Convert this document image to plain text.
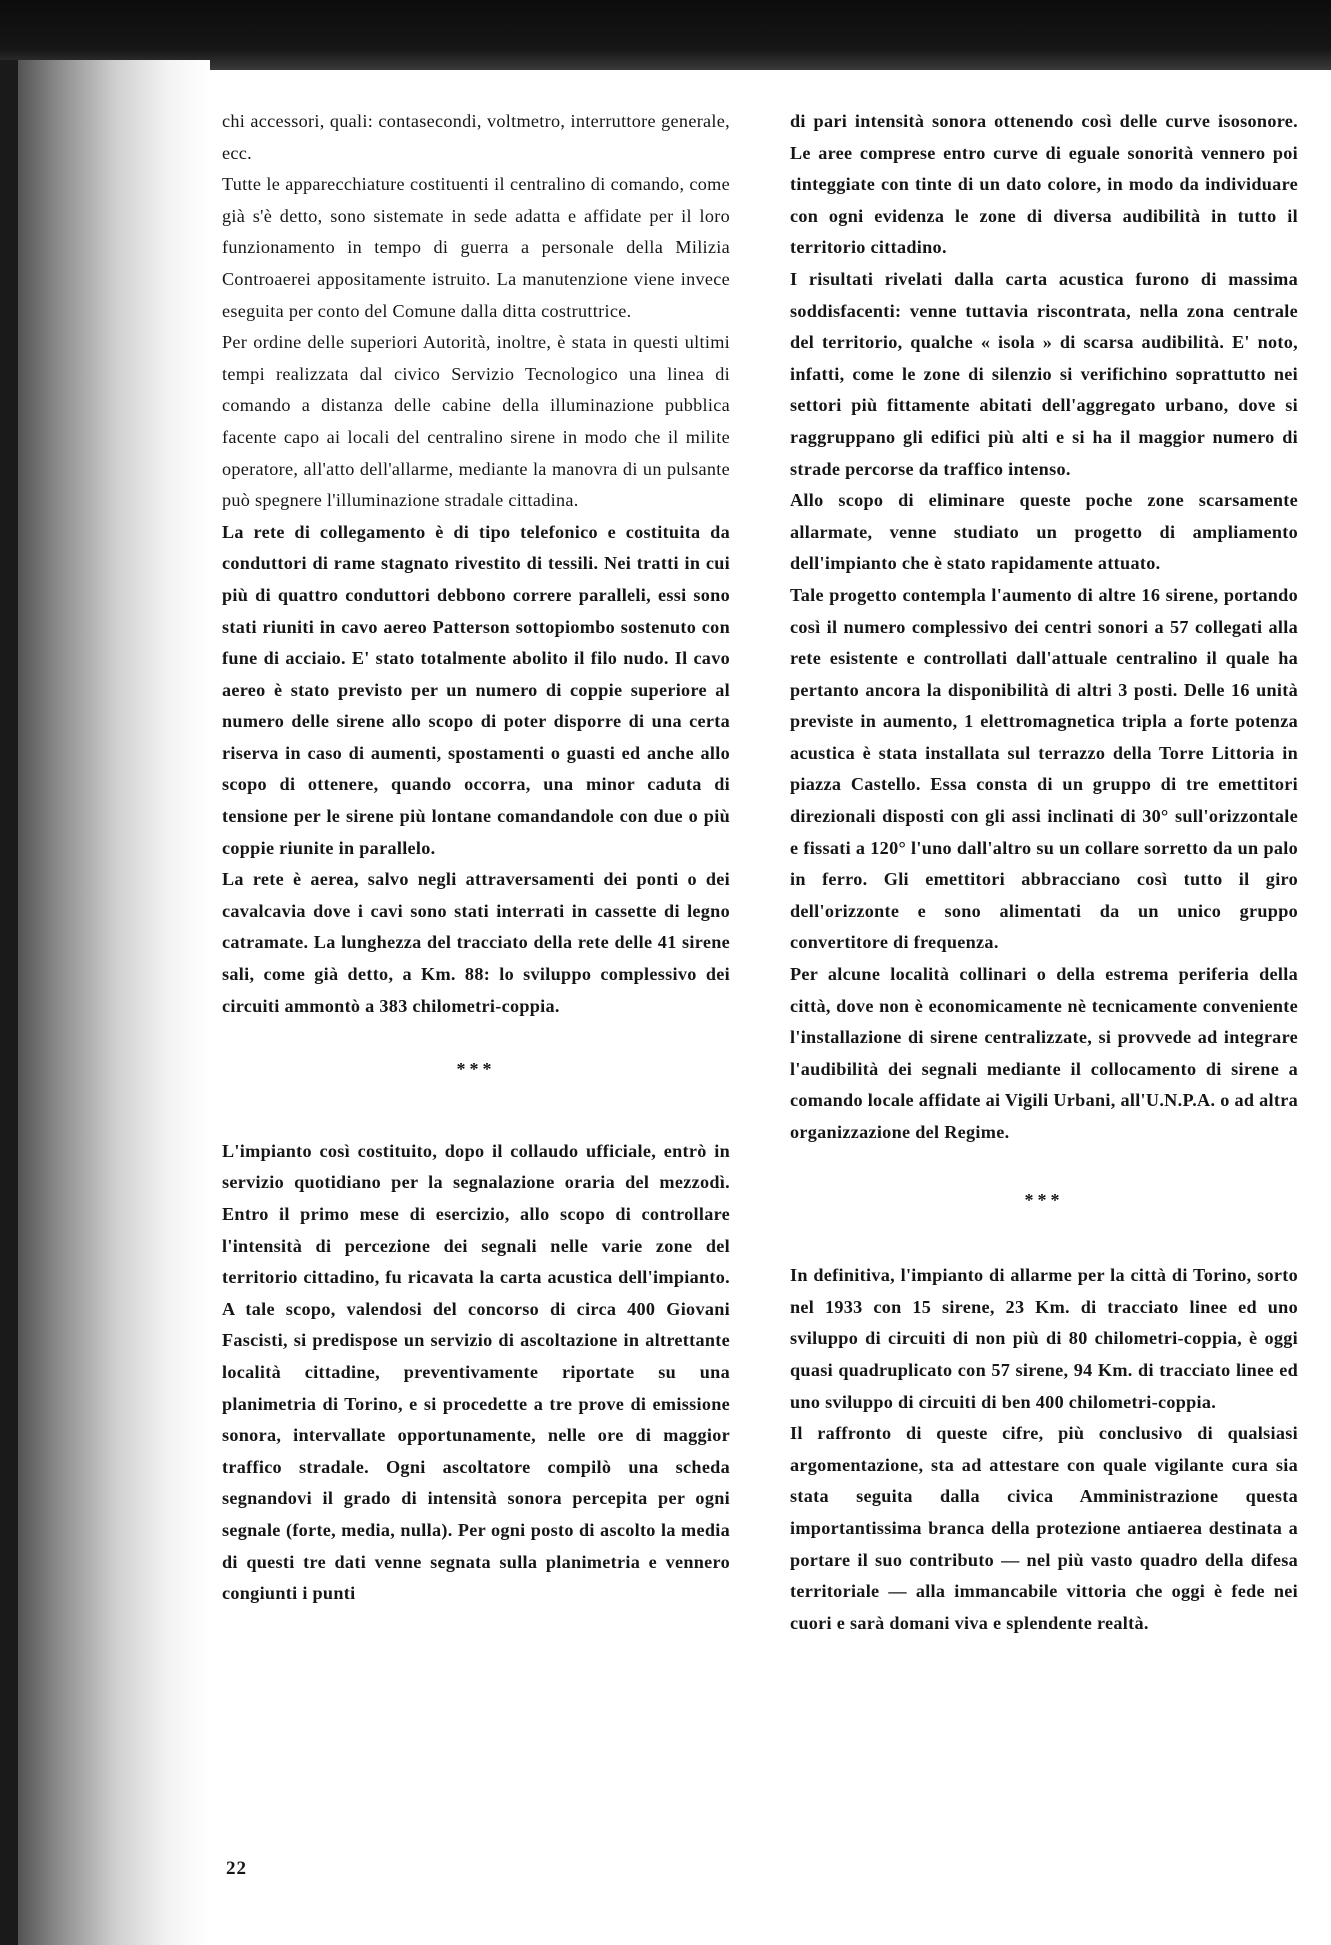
chi accessori, quali: contasecondi, voltmetro, interruttore generale, ecc.

Tutte le apparecchiature costituenti il centralino di comando, come già s'è detto, sono sistemate in sede adatta e affidate per il loro funzionamento in tempo di guerra a personale della Milizia Controaerei appositamente istruito. La manutenzione viene invece eseguita per conto del Comune dalla ditta costruttrice.

Per ordine delle superiori Autorità, inoltre, è stata in questi ultimi tempi realizzata dal civico Servizio Tecnologico una linea di comando a distanza delle cabine della illuminazione pubblica facente capo ai locali del centralino sirene in modo che il milite operatore, all'atto dell'allarme, mediante la manovra di un pulsante può spegnere l'illuminazione stradale cittadina.

La rete di collegamento è di tipo telefonico e costituita da conduttori di rame stagnato rivestito di tessili. Nei tratti in cui più di quattro conduttori debbono correre paralleli, essi sono stati riuniti in cavo aereo Patterson sottopiombo sostenuto con fune di acciaio. E' stato totalmente abolito il filo nudo. Il cavo aereo è stato previsto per un numero di coppie superiore al numero delle sirene allo scopo di poter disporre di una certa riserva in caso di aumenti, spostamenti o guasti ed anche allo scopo di ottenere, quando occorra, una minor caduta di tensione per le sirene più lontane comandandole con due o più coppie riunite in parallelo.

La rete è aerea, salvo negli attraversamenti dei ponti o dei cavalcavia dove i cavi sono stati interrati in cassette di legno catramate. La lunghezza del tracciato della rete delle 41 sirene sali, come già detto, a Km. 88: lo sviluppo complessivo dei circuiti ammontò a 383 chilometri-coppia.

***

L'impianto così costituito, dopo il collaudo ufficiale, entrò in servizio quotidiano per la segnalazione oraria del mezzodì. Entro il primo mese di esercizio, allo scopo di controllare l'intensità di percezione dei segnali nelle varie zone del territorio cittadino, fu ricavata la carta acustica dell'impianto. A tale scopo, valendosi del concorso di circa 400 Giovani Fascisti, si predispose un servizio di ascoltazione in altrettante località cittadine, preventivamente riportate su una planimetria di Torino, e si procedette a tre prove di emissione sonora, intervallate opportunamente, nelle ore di maggior traffico stradale. Ogni ascoltatore compilò una scheda segnandovi il grado di intensità sonora percepita per ogni segnale (forte, media, nulla). Per ogni posto di ascolto la media di questi tre dati venne segnata sulla planimetria e vennero congiunti i punti

di pari intensità sonora ottenendo così delle curve isosonore. Le aree comprese entro curve di eguale sonorità vennero poi tinteggiate con tinte di un dato colore, in modo da individuare con ogni evidenza le zone di diversa audibilità in tutto il territorio cittadino.

I risultati rivelati dalla carta acustica furono di massima soddisfacenti: venne tuttavia riscontrata, nella zona centrale del territorio, qualche « isola » di scarsa audibilità. E' noto, infatti, come le zone di silenzio si verifichino soprattutto nei settori più fittamente abitati dell'aggregato urbano, dove si raggruppano gli edifici più alti e si ha il maggior numero di strade percorse da traffico intenso.

Allo scopo di eliminare queste poche zone scarsamente allarmate, venne studiato un progetto di ampliamento dell'impianto che è stato rapidamente attuato.

Tale progetto contempla l'aumento di altre 16 sirene, portando così il numero complessivo dei centri sonori a 57 collegati alla rete esistente e controllati dall'attuale centralino il quale ha pertanto ancora la disponibilità di altri 3 posti. Delle 16 unità previste in aumento, 1 elettromagnetica tripla a forte potenza acustica è stata installata sul terrazzo della Torre Littoria in piazza Castello. Essa consta di un gruppo di tre emettitori direzionali disposti con gli assi inclinati di 30° sull'orizzontale e fissati a 120° l'uno dall'altro su un collare sorretto da un palo in ferro. Gli emettitori abbracciano così tutto il giro dell'orizzonte e sono alimentati da un unico gruppo convertitore di frequenza.

Per alcune località collinari o della estrema periferia della città, dove non è economicamente nè tecnicamente conveniente l'installazione di sirene centralizzate, si provvede ad integrare l'audibilità dei segnali mediante il collocamento di sirene a comando locale affidate ai Vigili Urbani, all'U.N.P.A. o ad altra organizzazione del Regime.

***

In definitiva, l'impianto di allarme per la città di Torino, sorto nel 1933 con 15 sirene, 23 Km. di tracciato linee ed uno sviluppo di circuiti di non più di 80 chilometri-coppia, è oggi quasi quadruplicato con 57 sirene, 94 Km. di tracciato linee ed uno sviluppo di circuiti di ben 400 chilometri-coppia.

Il raffronto di queste cifre, più conclusivo di qualsiasi argomentazione, sta ad attestare con quale vigilante cura sia stata seguita dalla civica Amministrazione questa importantissima branca della protezione antiaerea destinata a portare il suo contributo — nel più vasto quadro della difesa territoriale — alla immancabile vittoria che oggi è fede nei cuori e sarà domani viva e splendente realtà.

22
